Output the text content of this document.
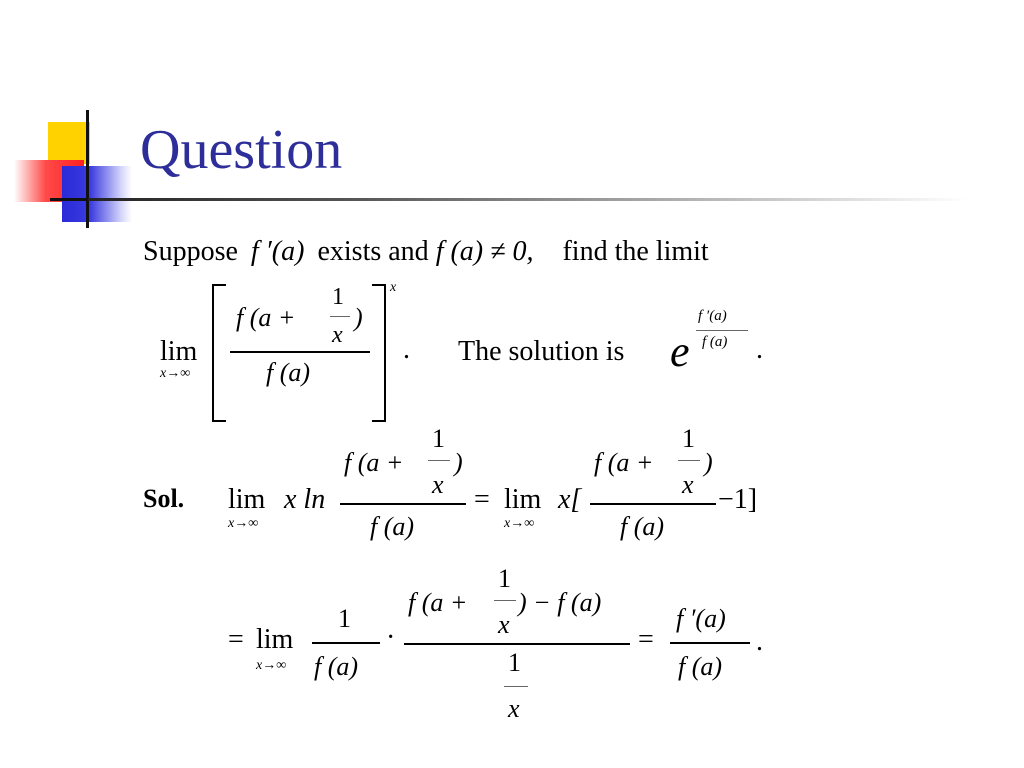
Question
Suppose f ′(a) exists and f (a) ≠ 0, find the limit
lim
x→∞
x
f (a +
1
x
)
f (a)
. The solution is e
f ′(a)
f (a) .
Sol. lim
x→∞
x ln
f (a +
1
x
)
f (a)
= lim
x→∞
x[
f (a +
1
x
)
f (a)
−1]
= lim
x→∞
1
f (a)
·
f (a +
1
x
) − f (a)
1
x
=
f ′(a)
f (a)
.
